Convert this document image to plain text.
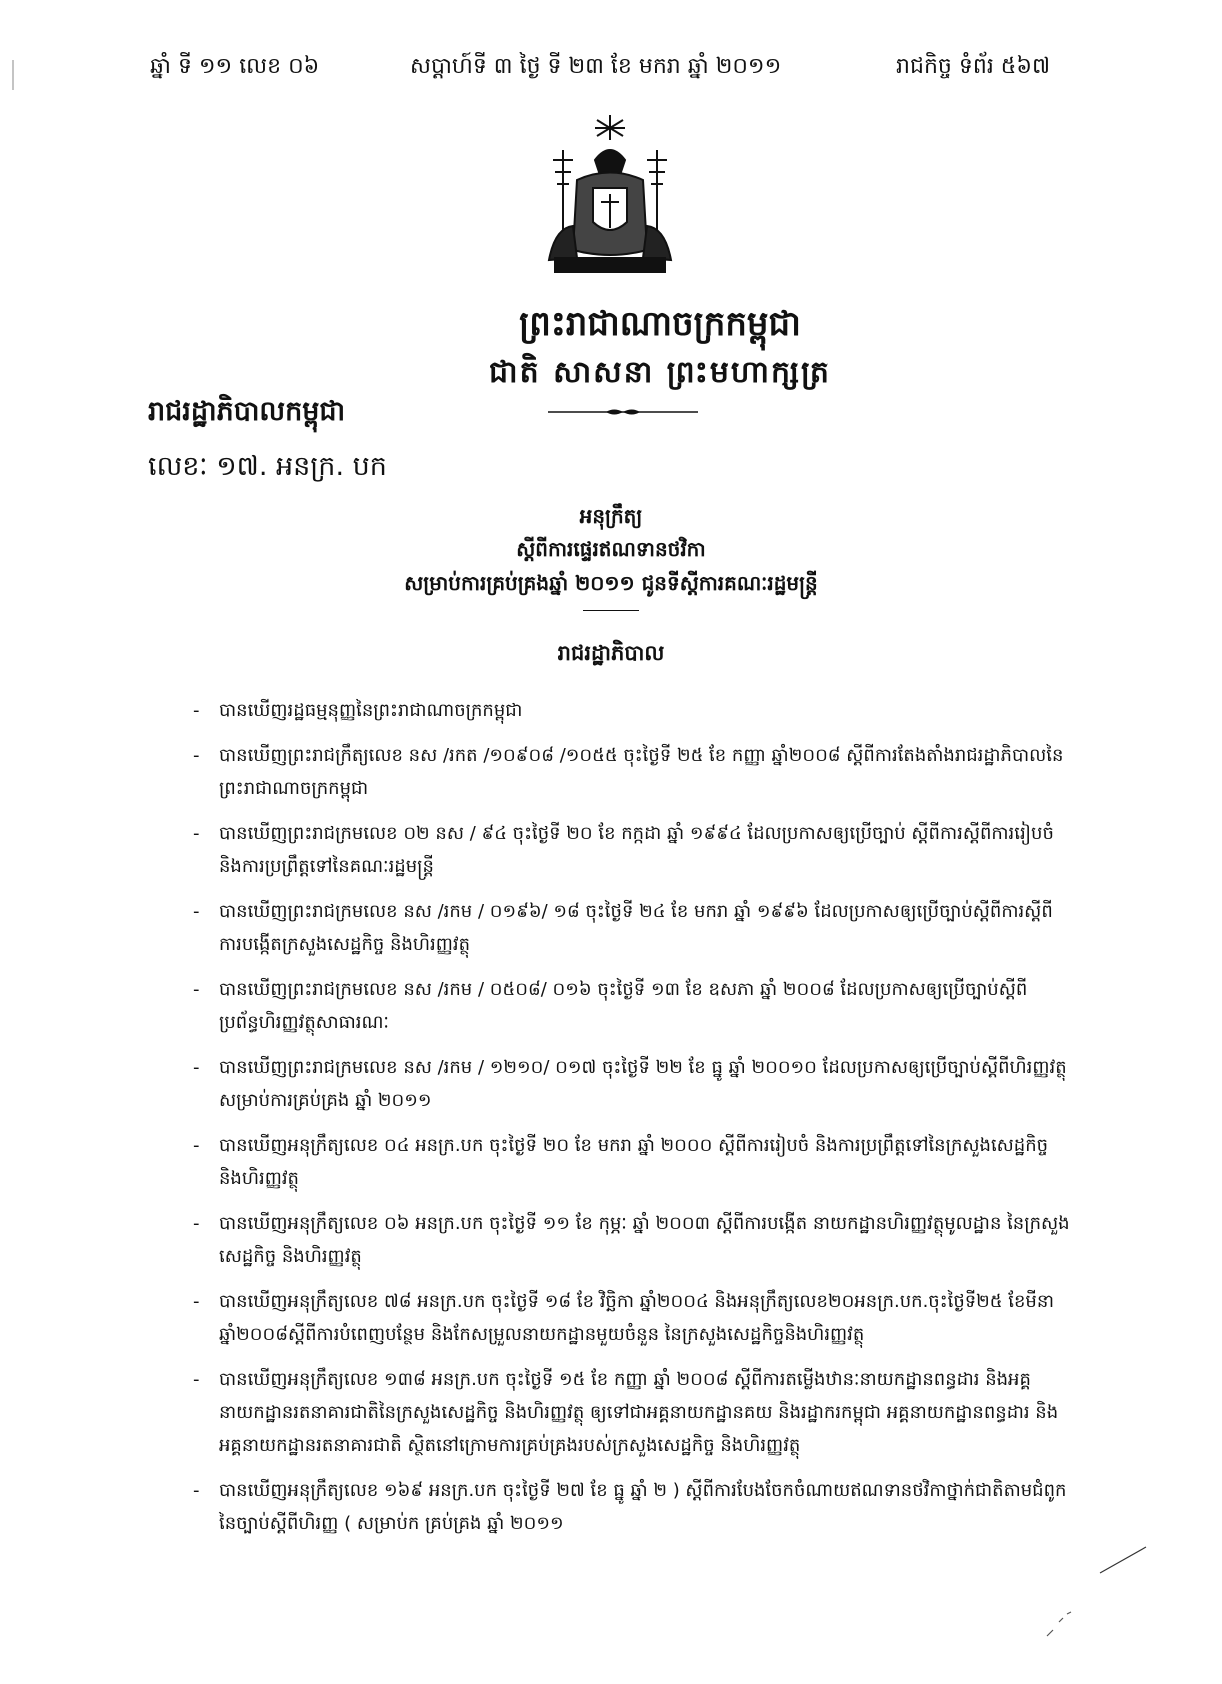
ឆ្នាំ ទី ១១ លេខ ០៦	សប្តាហ៍ទី ៣ ថ្ងៃ ទី ២៣ ខែ មករា ឆ្នាំ ២០១១	រាជកិច្ច ទំព័រ ៥៦៧
ព្រះរាជាណាចក្រកម្ពុជា
ជាតិ សាសនា ព្រះមហាក្សត្រ
រាជរដ្ឋាភិបាលកម្ពុជា
លេខៈ ១៧. អនក្រ. បក
អនុក្រឹត្យ
ស្តីពីការផ្ទេរឥណទានថវិកា
សម្រាប់ការគ្រប់គ្រងឆ្នាំ ២០១១ ជូនទីស្តីការគណៈរដ្ឋមន្ត្រី
រាជរដ្ឋាភិបាល
- បានឃើញរដ្ឋធម្មនុញ្ញនៃព្រះរាជាណាចក្រកម្ពុជា
- បានឃើញព្រះរាជក្រឹត្យលេខ នស /រកត /១០៩០៨ /១០៥៥ ចុះថ្ងៃទី ២៥ ខែ កញ្ញា ឆ្នាំ២០០៨ ស្តីពីការតែងតាំងរាជរដ្ឋាភិបាលនៃព្រះរាជាណាចក្រកម្ពុជា
- បានឃើញព្រះរាជក្រមលេខ ០២ នស / ៩៤ ចុះថ្ងៃទី ២០ ខែ កក្កដា ឆ្នាំ ១៩៩៤ ដែលប្រកាសឲ្យប្រើច្បាប់ ស្តីពីការស្តីពីការរៀបចំ និងការប្រព្រឹត្តទៅនៃគណៈរដ្ឋមន្ត្រី
- បានឃើញព្រះរាជក្រមលេខ នស /រកម / ០១៩៦/ ១៨ ចុះថ្ងៃទី ២៤ ខែ មករា ឆ្នាំ ១៩៩៦ ដែលប្រកាសឲ្យប្រើច្បាប់ស្តីពីការស្តីពីការបង្កើតក្រសួងសេដ្ឋកិច្ច និងហិរញ្ញវត្ថុ
- បានឃើញព្រះរាជក្រមលេខ នស /រកម / ០៥០៨/ ០១៦ ចុះថ្ងៃទី ១៣ ខែ ឧសភា ឆ្នាំ ២០០៨ ដែលប្រកាសឲ្យប្រើច្បាប់ស្តីពីប្រព័ន្ធហិរញ្ញវត្ថុសាធារណៈ
- បានឃើញព្រះរាជក្រមលេខ នស /រកម / ១២១០/ ០១៧ ចុះថ្ងៃទី ២២ ខែ ធ្នូ ឆ្នាំ ២០០១០ ដែលប្រកាសឲ្យប្រើច្បាប់ស្តីពីហិរញ្ញវត្ថុ សម្រាប់ការគ្រប់គ្រង ឆ្នាំ ២០១១
- បានឃើញអនុក្រឹត្យលេខ ០៤ អនក្រ.បក ចុះថ្ងៃទី ២០ ខែ មករា ឆ្នាំ ២០០០ ស្តីពីការរៀបចំ និងការប្រព្រឹត្តទៅនៃក្រសួងសេដ្ឋកិច្ច និងហិរញ្ញវត្ថុ
- បានឃើញអនុក្រឹត្យលេខ ០៦ អនក្រ.បក ចុះថ្ងៃទី ១១ ខែ កុម្ភៈ ឆ្នាំ ២០០៣ ស្តីពីការបង្កើត នាយកដ្ឋានហិរញ្ញវត្ថុមូលដ្ឋាន នៃក្រសួងសេដ្ឋកិច្ច និងហិរញ្ញវត្ថុ
- បានឃើញអនុក្រឹត្យលេខ ៧៨ អនក្រ.បក ចុះថ្ងៃទី ១៨ ខែ វិច្ឆិកា ឆ្នាំ២០០៤ និងអនុក្រឹត្យលេខ២០អនក្រ.បក.ចុះថ្ងៃទី២៥ ខែមីនាឆ្នាំ២០០៨ស្តីពីការបំពេញបន្ថែម និងកែសម្រួលនាយកដ្ឋានមួយចំនួន នៃក្រសួងសេដ្ឋកិច្ចនិងហិរញ្ញវត្ថុ
- បានឃើញអនុក្រឹត្យលេខ ១៣៨ អនក្រ.បក ចុះថ្ងៃទី ១៥ ខែ កញ្ញា ឆ្នាំ ២០០៨ ស្តីពីការតម្លើងឋានៈនាយកដ្ឋានពន្ធដារ និងអគ្គនាយកដ្ឋានរតនាគារជាតិនៃក្រសួងសេដ្ឋកិច្ច និងហិរញ្ញវត្ថុ ឲ្យទៅជាអគ្គនាយកដ្ឋានគយ និងរដ្ឋាករកម្ពុជា អគ្គនាយកដ្ឋានពន្ធដារ និងអគ្គនាយកដ្ឋានរតនាគារជាតិ ស្ថិតនៅក្រោមការគ្រប់គ្រងរបស់ក្រសួងសេដ្ឋកិច្ច និងហិរញ្ញវត្ថុ
- បានឃើញអនុក្រឹត្យលេខ ១៦៩ អនក្រ.បក ចុះថ្ងៃទី ២៧ ខែ ធ្នូ ឆ្នាំ ២ ) ស្តីពីការបែងចែកចំណាយឥណទានថវិកាថ្នាក់ជាតិតាមជំពូកនៃច្បាប់ស្តីពីហិរញ្ញ ( សម្រាប់ក គ្រប់គ្រង ឆ្នាំ ២០១១
